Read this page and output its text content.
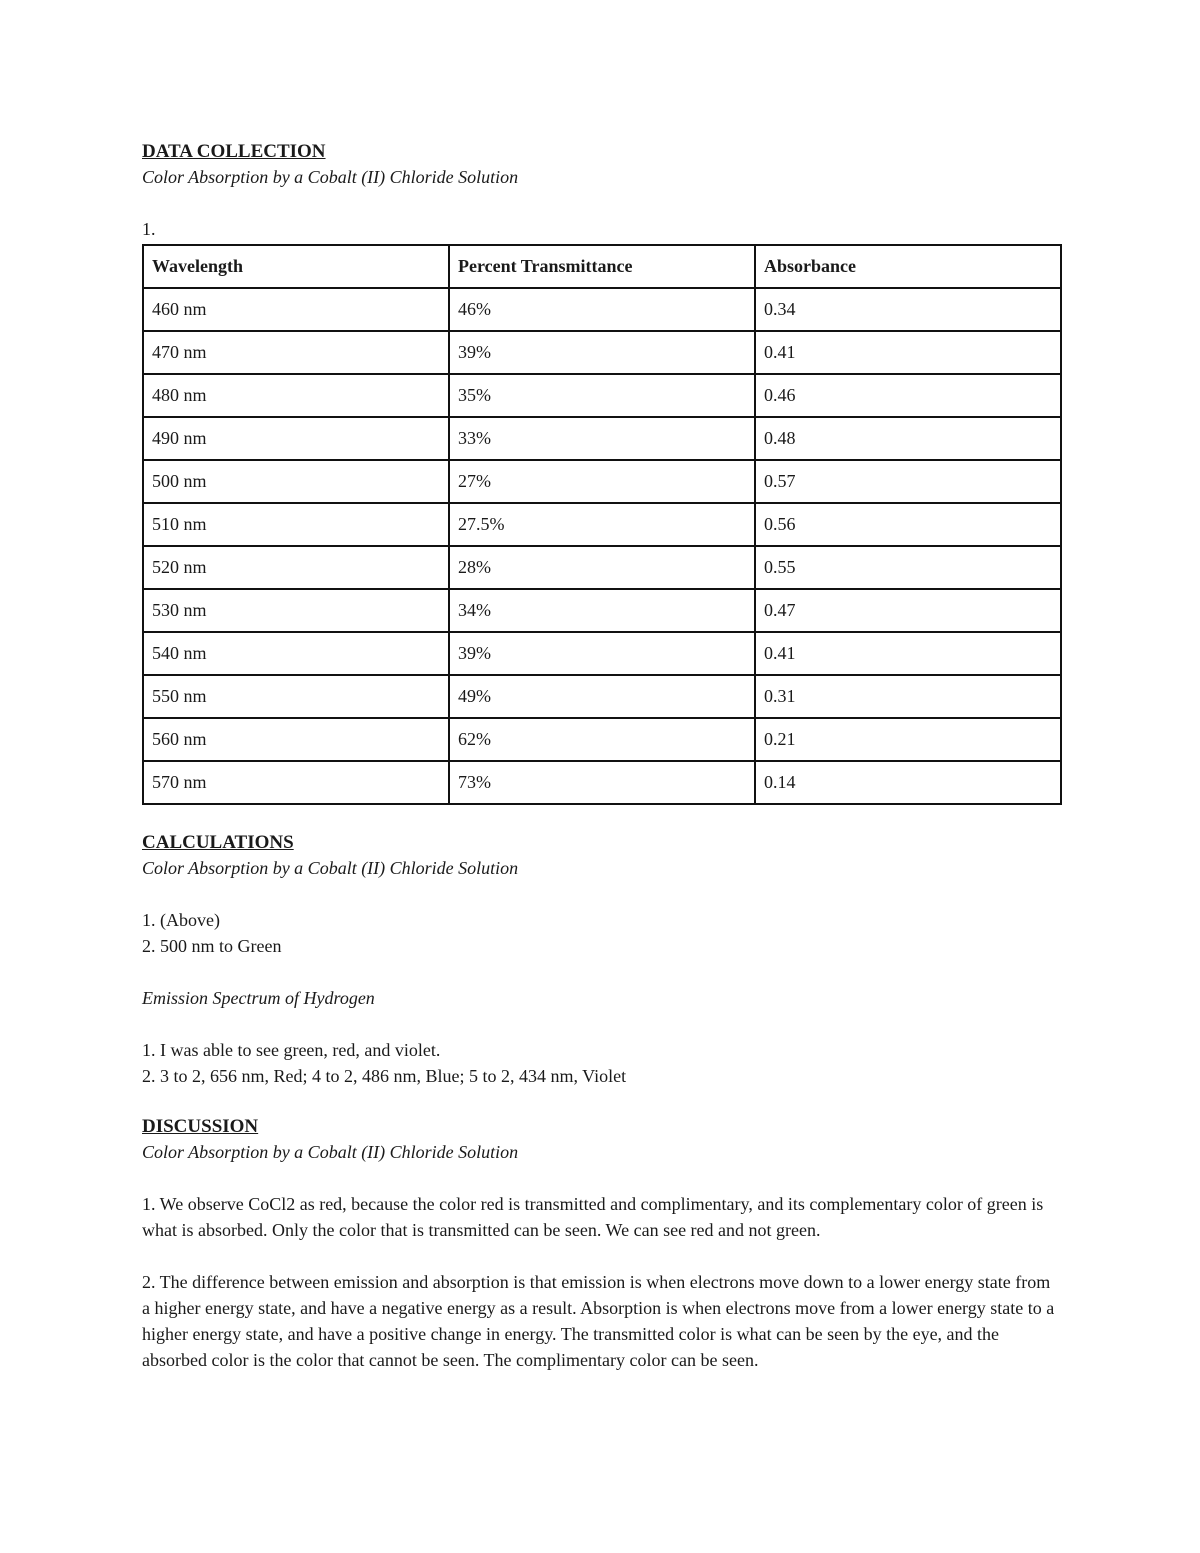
DATA COLLECTION
Color Absorption by a Cobalt (II) Chloride Solution
1.
Wavelength	Percent Transmittance	Absorbance
460 nm	46%	0.34
470 nm	39%	0.41
480 nm	35%	0.46
490 nm	33%	0.48
500 nm	27%	0.57
510 nm	27.5%	0.56
520 nm	28%	0.55
530 nm	34%	0.47
540 nm	39%	0.41
550 nm	49%	0.31
560 nm	62%	0.21
570 nm	73%	0.14
CALCULATIONS
Color Absorption by a Cobalt (II) Chloride Solution
1. (Above)
2. 500 nm to Green
Emission Spectrum of Hydrogen
1. I was able to see green, red, and violet.
2. 3 to 2, 656 nm, Red; 4 to 2, 486 nm, Blue; 5 to 2, 434 nm, Violet
DISCUSSION
Color Absorption by a Cobalt (II) Chloride Solution
1. We observe CoCl2 as red, because the color red is transmitted and complimentary, and its complementary color of green is what is absorbed. Only the color that is transmitted can be seen. We can see red and not green.
2. The difference between emission and absorption is that emission is when electrons move down to a lower energy state from a higher energy state, and have a negative energy as a result. Absorption is when electrons move from a lower energy state to a higher energy state, and have a positive change in energy. The transmitted color is what can be seen by the eye, and the absorbed color is the color that cannot be seen. The complimentary color can be seen.
